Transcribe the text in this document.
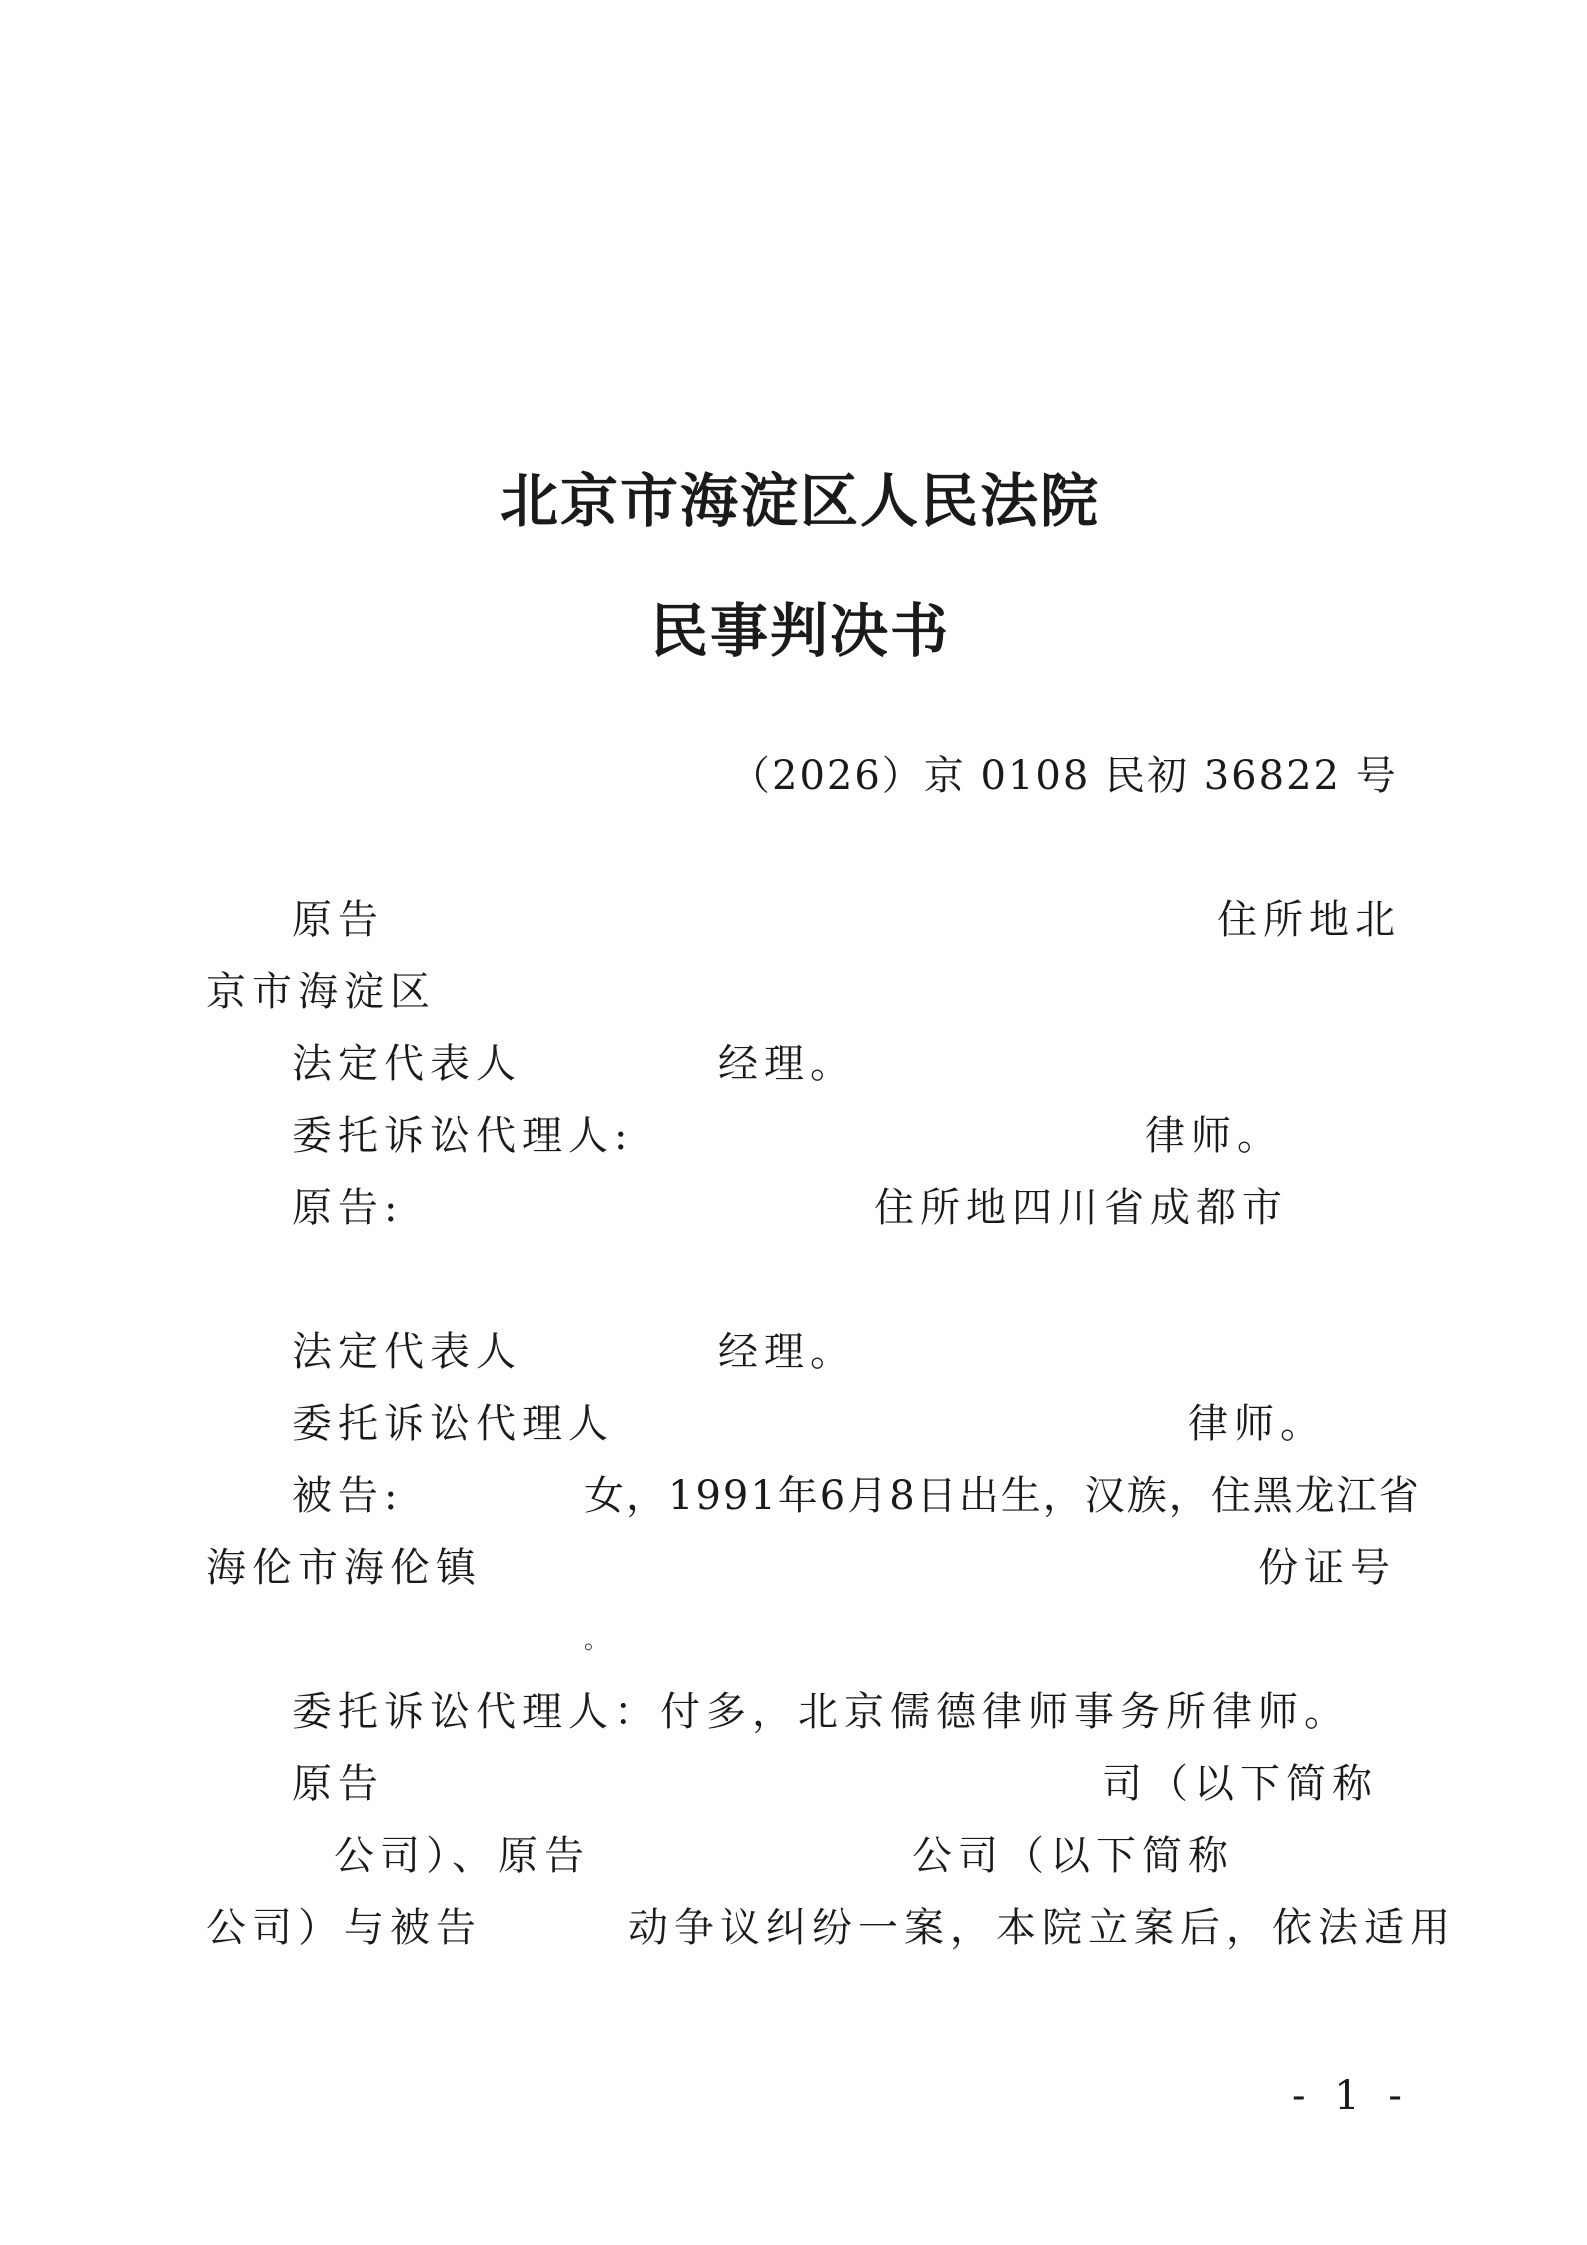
北京市海淀区人民法院
民事判决书
（2026）京 0108 民初 36822 号
原告	住所地北
京市海淀区
法定代表人	经理。
委托诉讼代理人:	律师。
原告:	住所地四川省成都市
法定代表人	经理。
委托诉讼代理人	律师。
被告:	女，1991年6月8日出生，汉族，住黑龙江省
海伦市海伦镇	份证号
。
委托诉讼代理人：付多，北京儒德律师事务所律师。
原告	司（以下简称
公司）、原告	公司（以下简称
公司）与被告	动争议纠纷一案，本院立案后，依法适用
- 1 -
